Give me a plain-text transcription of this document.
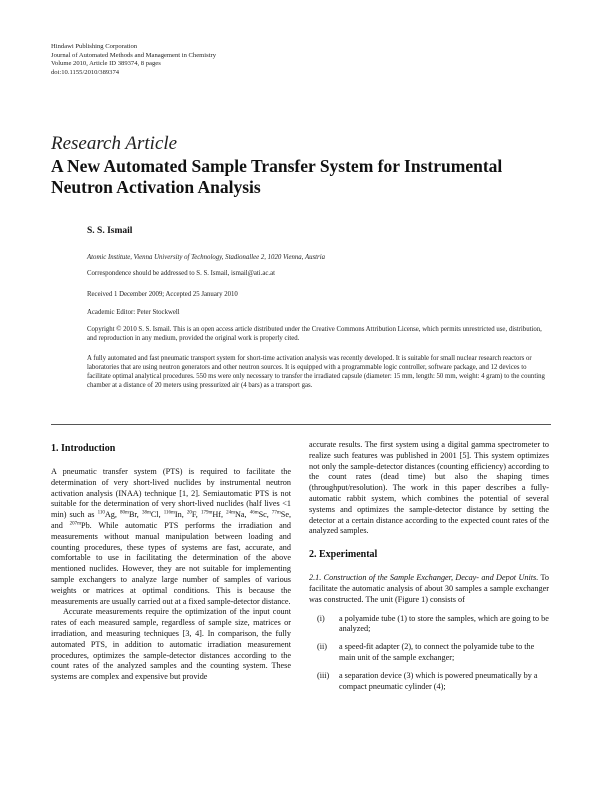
Hindawi Publishing Corporation
Journal of Automated Methods and Management in Chemistry
Volume 2010, Article ID 389374, 8 pages
doi:10.1155/2010/389374
Research Article
A New Automated Sample Transfer System for Instrumental Neutron Activation Analysis
S. S. Ismail
Atomic Institute, Vienna University of Technology, Stadionallee 2, 1020 Vienna, Austria
Correspondence should be addressed to S. S. Ismail, ismail@ati.ac.at
Received 1 December 2009; Accepted 25 January 2010
Academic Editor: Peter Stockwell
Copyright © 2010 S. S. Ismail. This is an open access article distributed under the Creative Commons Attribution License, which permits unrestricted use, distribution, and reproduction in any medium, provided the original work is properly cited.
A fully automated and fast pneumatic transport system for short-time activation analysis was recently developed. It is suitable for small nuclear research reactors or laboratories that are using neutron generators and other neutron sources. It is equipped with a programmable logic controller, software package, and 12 devices to facilitate optimal analytical procedures. 550 ms were only necessary to transfer the irradiated capsule (diameter: 15 mm, length: 50 mm, weight: 4 gram) to the counting chamber at a distance of 20 meters using pressurized air (4 bars) as a transport gas.
1. Introduction

A pneumatic transfer system (PTS) is required to facilitate the determination of very short-lived nuclides by instrumental neutron activation analysis (INAA) technique [1, 2]. Semiautomatic PTS is not suitable for the determination of very short-lived nuclides (half lives <1 min) such as $^{110}$Ag, $^{80m}$Br, $^{38m}$Cl, $^{116m}$In, $^{20}$F, $^{179m}$Hf, $^{24m}$Na, $^{46m}$Sc, $^{77m}$Se, and $^{207m}$Pb. While automatic PTS performs the irradiation and measurements without manual manipulation between loading and counting procedures, these types of systems are fast, accurate, and comfortable to use in facilitating the determination of the above mentioned nuclides. However, they are not suitable for implementing sample exchangers to analyze large number of samples of various weights or matrices at optimal conditions. This is because the measurements are usually carried out at a fixed sample-detector distance.

Accurate measurements require the optimization of the input count rates of each measured sample, regardless of sample size, matrices or irradiation, and measuring techniques [3, 4]. In comparison, the fully automated PTS, in addition to automatic irradiation measurement procedures, optimizes the sample-detector distances according to the count rates of the analyzed samples and the counting system. These systems are complex and expensive but provide

accurate results. The first system using a digital gamma spectrometer to realize such features was published in 2001 [5]. This system optimizes not only the sample-detector distances (counting efficiency) according to the count rates (dead time) but also the shaping times (throughput/resolution). The work in this paper describes a fully-automatic rabbit system, which combines the potential of several systems and optimizes the sample-detector distance by setting the detector at a certain distance according to the expected count rates of the analyzed samples.

2. Experimental

2.1. Construction of the Sample Exchanger, Decay- and Depot Units. To facilitate the automatic analysis of about 30 samples a sample exchanger was constructed. The unit (Figure 1) consists of

(i)	a polyamide tube (1) to store the samples, which are going to be analyzed;
(ii)	a speed-fit adapter (2), to connect the polyamide tube to the main unit of the sample exchanger;
(iii)	a separation device (3) which is powered pneumatically by a compact pneumatic cylinder (4);
